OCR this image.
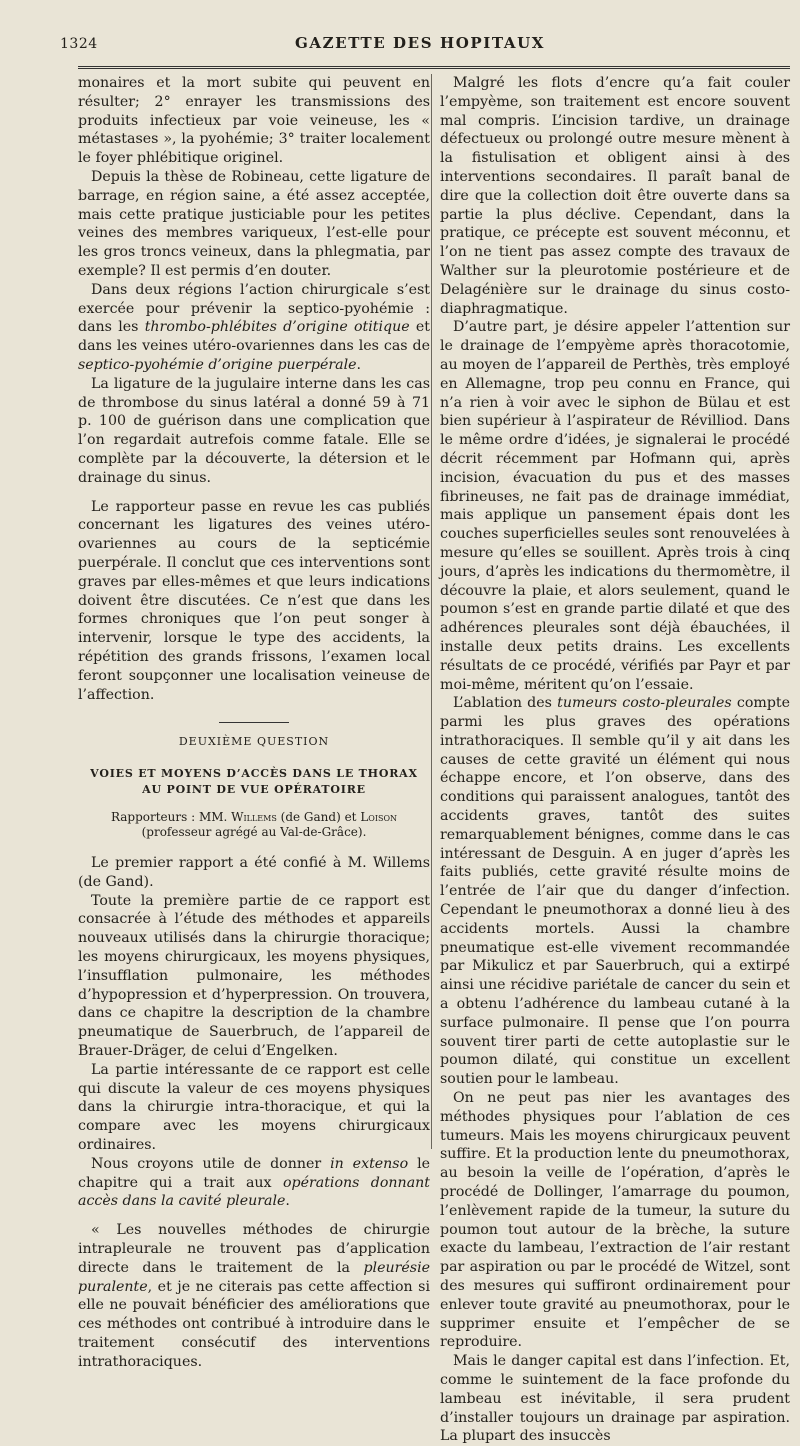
1324	GAZETTE DES HOPITAUX

monaires et la mort subite qui peuvent en résulter; 2° enrayer les transmissions des produits infectieux par voie veineuse, les « métastases », la pyohémie; 3° traiter localement le foyer phlébitique originel.

Depuis la thèse de Robineau, cette ligature de barrage, en région saine, a été assez acceptée, mais cette pratique justiciable pour les petites veines des membres variqueux, l’est-elle pour les gros troncs veineux, dans la phlegmatia, par exemple? Il est permis d’en douter.

Dans deux régions l’action chirurgicale s’est exercée pour prévenir la septico-pyohémie : dans les thrombo-phlébites d’origine otitique et dans les veines utéro-ovariennes dans les cas de septico-pyohémie d’origine puerpérale.

La ligature de la jugulaire interne dans les cas de thrombose du sinus latéral a donné 59 à 71 p. 100 de guérison dans une complication que l’on regardait autrefois comme fatale. Elle se complète par la découverte, la détersion et le drainage du sinus.

Le rapporteur passe en revue les cas publiés concernant les ligatures des veines utéro-ovariennes au cours de la septicémie puerpérale. Il conclut que ces interventions sont graves par elles-mêmes et que leurs indications doivent être discutées. Ce n’est que dans les formes chroniques que l’on peut songer à intervenir, lorsque le type des accidents, la répétition des grands frissons, l’examen local feront soupçonner une localisation veineuse de l’affection.

DEUXIÈME QUESTION
VOIES ET MOYENS D’ACCÈS DANS LE THORAX
AU POINT DE VUE OPÉRATOIRE
Rapporteurs : MM. Willems (de Gand) et Loison (professeur agrégé au Val-de-Grâce).

Le premier rapport a été confié à M. Willems (de Gand).

Toute la première partie de ce rapport est consacrée à l’étude des méthodes et appareils nouveaux utilisés dans la chirurgie thoracique; les moyens chirurgicaux, les moyens physiques, l’insufflation pulmonaire, les méthodes d’hypopression et d’hyperpression. On trouvera, dans ce chapitre la description de la chambre pneumatique de Sauerbruch, de l’appareil de Brauer-Dräger, de celui d’Engelken.

La partie intéressante de ce rapport est celle qui discute la valeur de ces moyens physiques dans la chirurgie intra-thoracique, et qui la compare avec les moyens chirurgicaux ordinaires.

Nous croyons utile de donner in extenso le chapitre qui a trait aux opérations donnant accès dans la cavité pleurale.

« Les nouvelles méthodes de chirurgie intrapleurale ne trouvent pas d’application directe dans le traitement de la pleurésie puralente, et je ne citerais pas cette affection si elle ne pouvait bénéficier des améliorations que ces méthodes ont contribué à introduire dans le traitement consécutif des interventions intrathoraciques.

Malgré les flots d’encre qu’a fait couler l’empyème, son traitement est encore souvent mal compris. L’incision tardive, un drainage défectueux ou prolongé outre mesure mènent à la fistulisation et obligent ainsi à des interventions secondaires. Il paraît banal de dire que la collection doit être ouverte dans sa partie la plus déclive. Cependant, dans la pratique, ce précepte est souvent méconnu, et l’on ne tient pas assez compte des travaux de Walther sur la pleurotomie postérieure et de Delagénière sur le drainage du sinus costo-diaphragmatique.

D’autre part, je désire appeler l’attention sur le drainage de l’empyème après thoracotomie, au moyen de l’appareil de Perthès, très employé en Allemagne, trop peu connu en France, qui n’a rien à voir avec le siphon de Bülau et est bien supérieur à l’aspirateur de Révilliod. Dans le même ordre d’idées, je signalerai le procédé décrit récemment par Hofmann qui, après incision, évacuation du pus et des masses fibrineuses, ne fait pas de drainage immédiat, mais applique un pansement épais dont les couches superficielles seules sont renouvelées à mesure qu’elles se souillent. Après trois à cinq jours, d’après les indications du thermomètre, il découvre la plaie, et alors seulement, quand le poumon s’est en grande partie dilaté et que des adhérences pleurales sont déjà ébauchées, il installe deux petits drains. Les excellents résultats de ce procédé, vérifiés par Payr et par moi-même, méritent qu’on l’essaie.

L’ablation des tumeurs costo-pleurales compte parmi les plus graves des opérations intrathoraciques. Il semble qu’il y ait dans les causes de cette gravité un élément qui nous échappe encore, et l’on observe, dans des conditions qui paraissent analogues, tantôt des accidents graves, tantôt des suites remarquablement bénignes, comme dans le cas intéressant de Desguin. A en juger d’après les faits publiés, cette gravité résulte moins de l’entrée de l’air que du danger d’infection. Cependant le pneumothorax a donné lieu à des accidents mortels. Aussi la chambre pneumatique est-elle vivement recommandée par Mikulicz et par Sauerbruch, qui a extirpé ainsi une récidive pariétale de cancer du sein et a obtenu l’adhérence du lambeau cutané à la surface pulmonaire. Il pense que l’on pourra souvent tirer parti de cette autoplastie sur le poumon dilaté, qui constitue un excellent soutien pour le lambeau.

On ne peut pas nier les avantages des méthodes physiques pour l’ablation de ces tumeurs. Mais les moyens chirurgicaux peuvent suffire. Et la production lente du pneumothorax, au besoin la veille de l’opération, d’après le procédé de Dollinger, l’amarrage du poumon, l’enlèvement rapide de la tumeur, la suture du poumon tout autour de la brèche, la suture exacte du lambeau, l’extraction de l’air restant par aspiration ou par le procédé de Witzel, sont des mesures qui suffiront ordinairement pour enlever toute gravité au pneumothorax, pour le supprimer ensuite et l’empêcher de se reproduire.

Mais le danger capital est dans l’infection. Et, comme le suintement de la face profonde du lambeau est inévitable, il sera prudent d’installer toujours un drainage par aspiration. La plupart des insuccès
